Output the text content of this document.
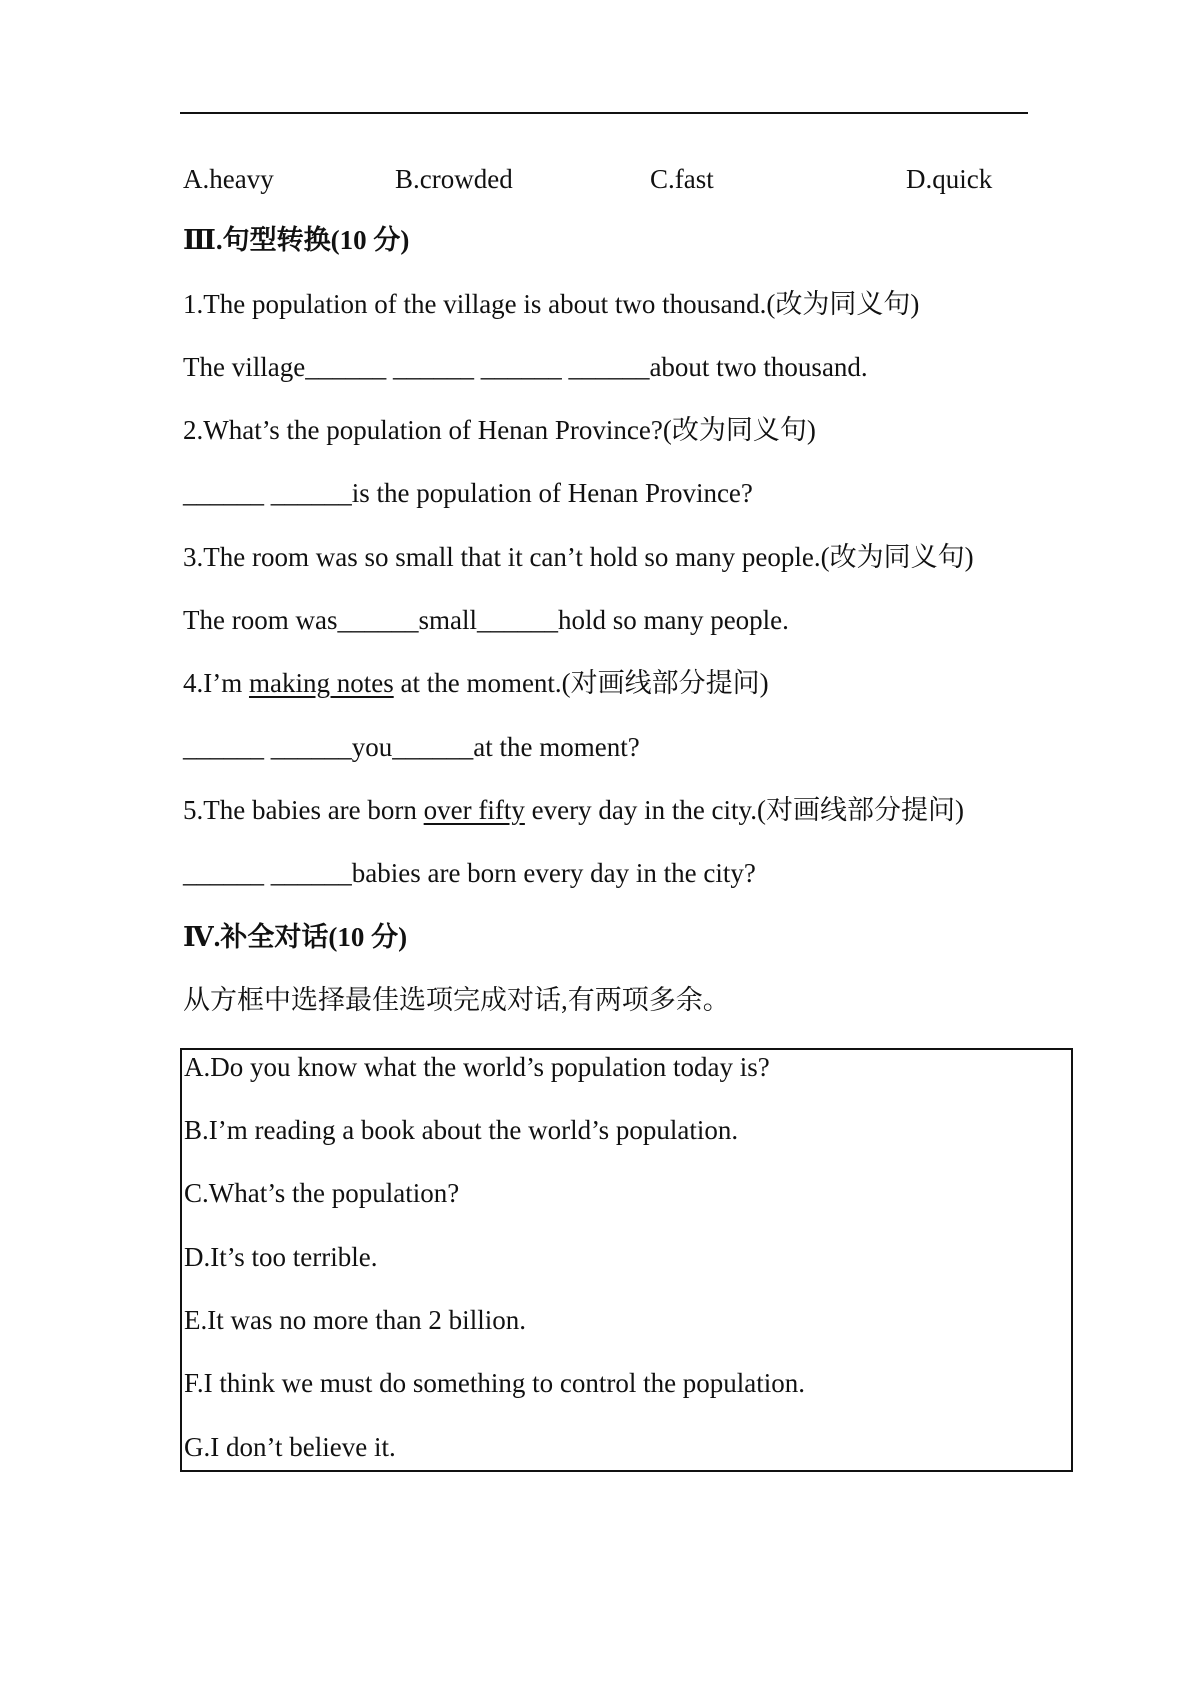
A.heavy	B.crowded	C.fast	D.quick
Ⅲ.句型转换(10 分)
1.The population of the village is about two thousand.(改为同义句)
The village______ ______ ______ ______about two thousand.
2.What’s the population of Henan Province?(改为同义句)
______ ______is the population of Henan Province?
3.The room was so small that it can’t hold so many people.(改为同义句)
The room was______small______hold so many people.
4.I’m making notes at the moment.(对画线部分提问)
______ ______you______at the moment?
5.The babies are born over fifty every day in the city.(对画线部分提问)
______ ______babies are born every day in the city?
Ⅳ.补全对话(10 分)
从方框中选择最佳选项完成对话,有两项多余。
A.Do you know what the world’s population today is?
B.I’m reading a book about the world’s population.
C.What’s the population?
D.It’s too terrible.
E.It was no more than 2 billion.
F.I think we must do something to control the population.
G.I don’t believe it.
